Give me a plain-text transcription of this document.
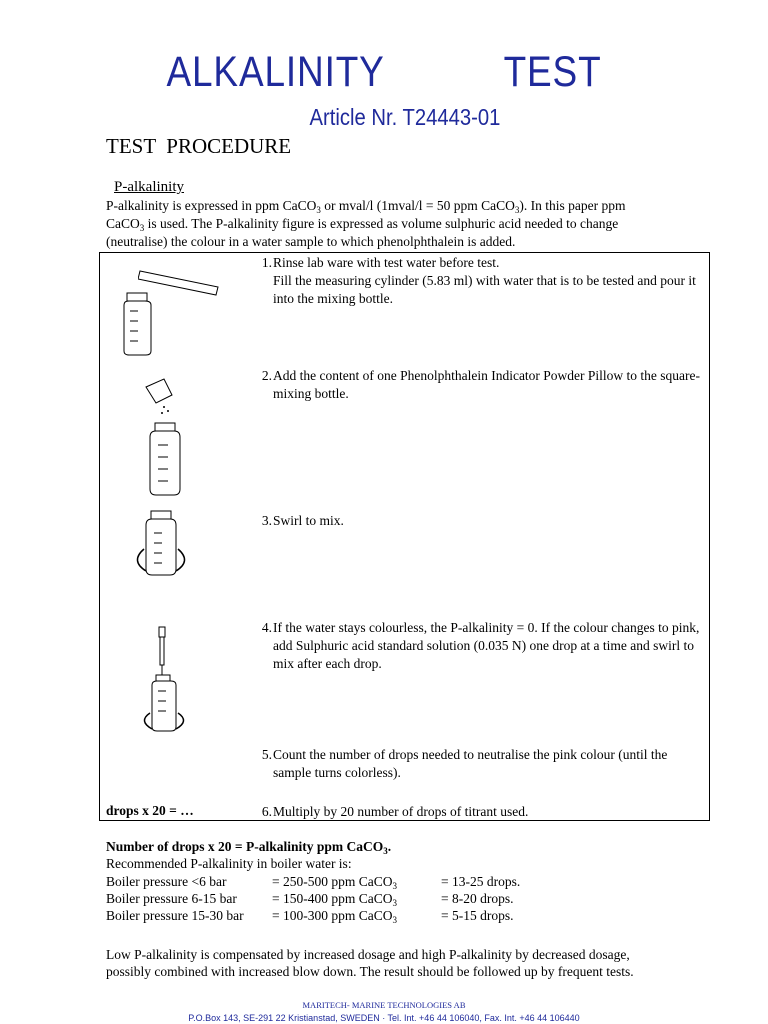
ALKALINITY    TEST
Article Nr. T24443-01
TEST  PROCEDURE
P-alkalinity
P-alkalinity is expressed in ppm CaCO$_3$ or mval/l (1mval/l = 50 ppm CaCO$_3$). In this paper ppm
CaCO$_3$ is used. The P-alkalinity figure is expressed as volume sulphuric acid needed to change
(neutralise) the colour in a water sample to which phenolphthalein is added.
1. Rinse lab ware with test water before test.
Fill the measuring cylinder (5.83 ml) with water that is to be tested and pour it into the mixing bottle.
2. Add the content of one Phenolphthalein Indicator Powder Pillow to the square-mixing bottle.
3. Swirl to mix.
4. If the water stays colourless, the P-alkalinity = 0. If the colour changes to pink, add Sulphuric acid standard solution (0.035 N) one drop at a time and swirl to mix after each drop.
5. Count the number of drops needed to neutralise the pink colour (until the sample turns colorless).
6. Multiply by 20 number of drops of titrant used.
drops x 20 = …
Number of drops x 20 = P-alkalinity ppm CaCO$_3$.
Recommended P-alkalinity in boiler water is:
Boiler pressure <6 bar	= 250-500 ppm CaCO$_3$	= 13-25 drops.
Boiler pressure 6-15 bar	= 150-400 ppm CaCO$_3$	= 8-20 drops.
Boiler pressure 15-30 bar	= 100-300 ppm CaCO$_3$	= 5-15 drops.
Low P-alkalinity is compensated by increased dosage and high P-alkalinity by decreased dosage,
possibly combined with increased blow down. The result should be followed up by frequent tests.
MARITECH- MARINE TECHNOLOGIES AB
P.O.Box 143, SE-291 22 Kristianstad, SWEDEN · Tel. Int. +46 44 106040, Fax. Int. +46 44 106440
